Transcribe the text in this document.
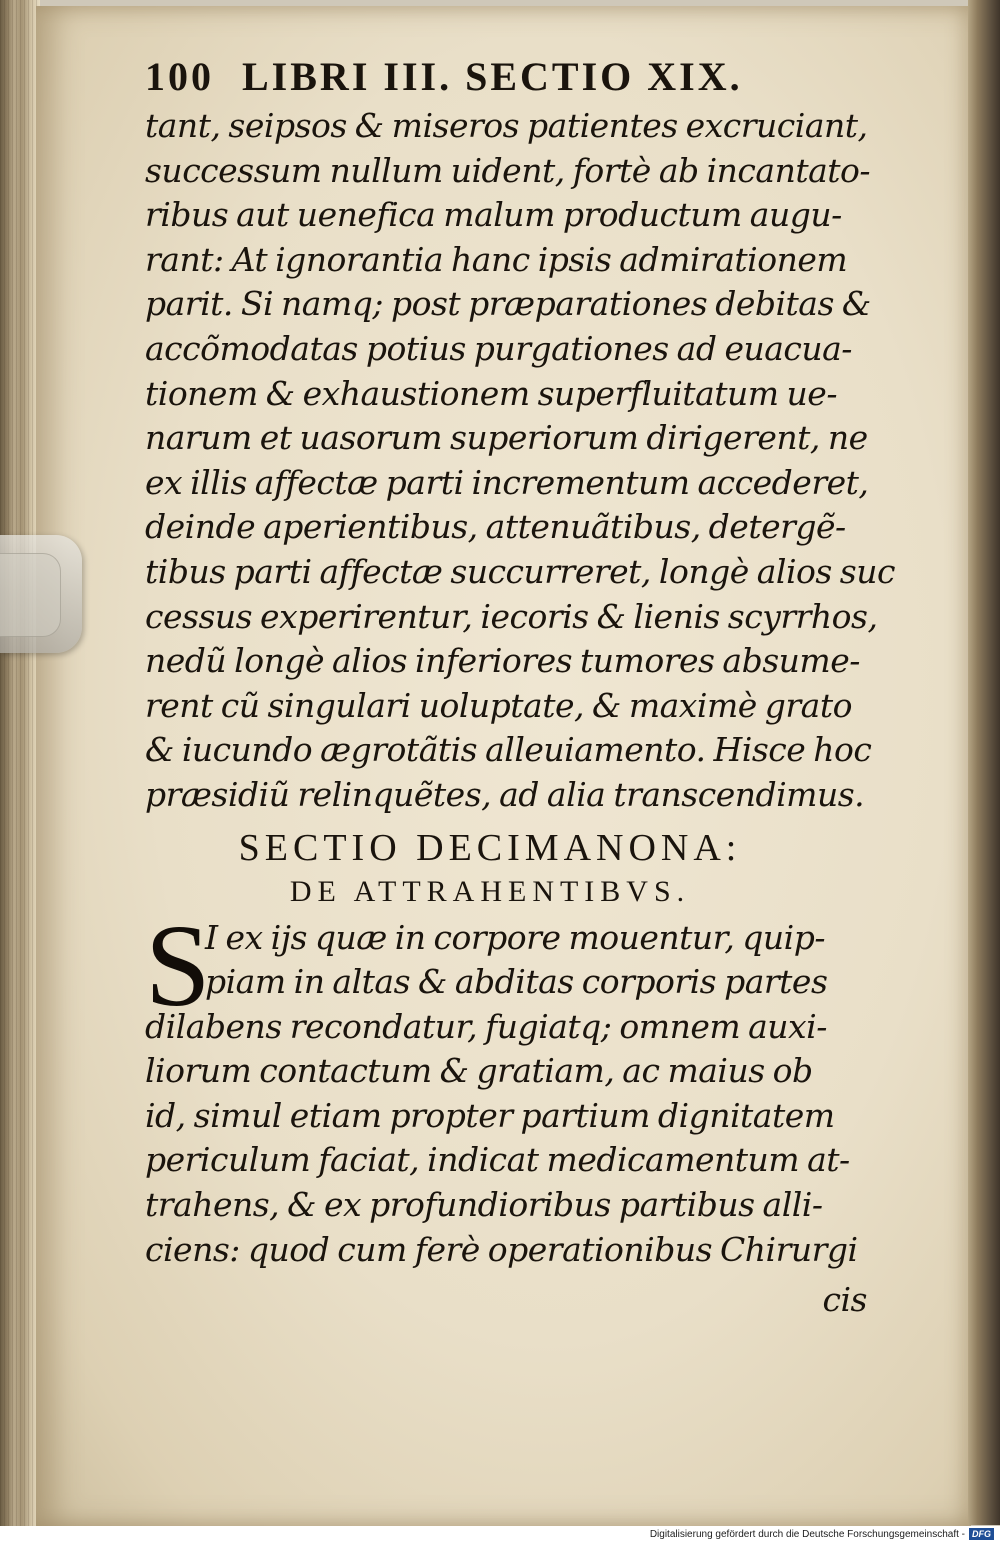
100 LIBRI III. SECTIO XIX.
tant, seipsos & miseros patientes excruciant,
successum nullum uident, fortè ab incantato-
ribus aut uenefica malum productum augu-
rant: At ignorantia hanc ipsis admirationem
parit. Si namq; post præparationes debitas &
accõmodatas potius purgationes ad euacua-
tionem & exhaustionem superfluitatum ue-
narum et uasorum superiorum dirigerent, ne
ex illis affectæ parti incrementum accederet,
deinde aperientibus, attenuãtibus, detergẽ-
tibus parti affectæ succurreret, longè alios suc
cessus experirentur, iecoris & lienis scyrrhos,
nedũ longè alios inferiores tumores absume-
rent cũ singulari uoluptate, & maximè grato
& iucundo ægrotãtis alleuiamento. Hisce hoc
præsidiũ relinquẽtes, ad alia transcendimus.
SECTIO DECIMANONA:
DE ATTRAHENTIBVS.
S
I ex ijs quæ in corpore mouentur, quip-
piam in altas & abditas corporis partes
dilabens recondatur, fugiatq; omnem auxi-
liorum contactum & gratiam, ac maius ob
id, simul etiam propter partium dignitatem
periculum faciat, indicat medicamentum at-
trahens, & ex profundioribus partibus alli-
ciens: quod cum ferè operationibus Chirurgi
cis
Digitalisierung gefördert durch die Deutsche Forschungsgemeinschaft - DFG
